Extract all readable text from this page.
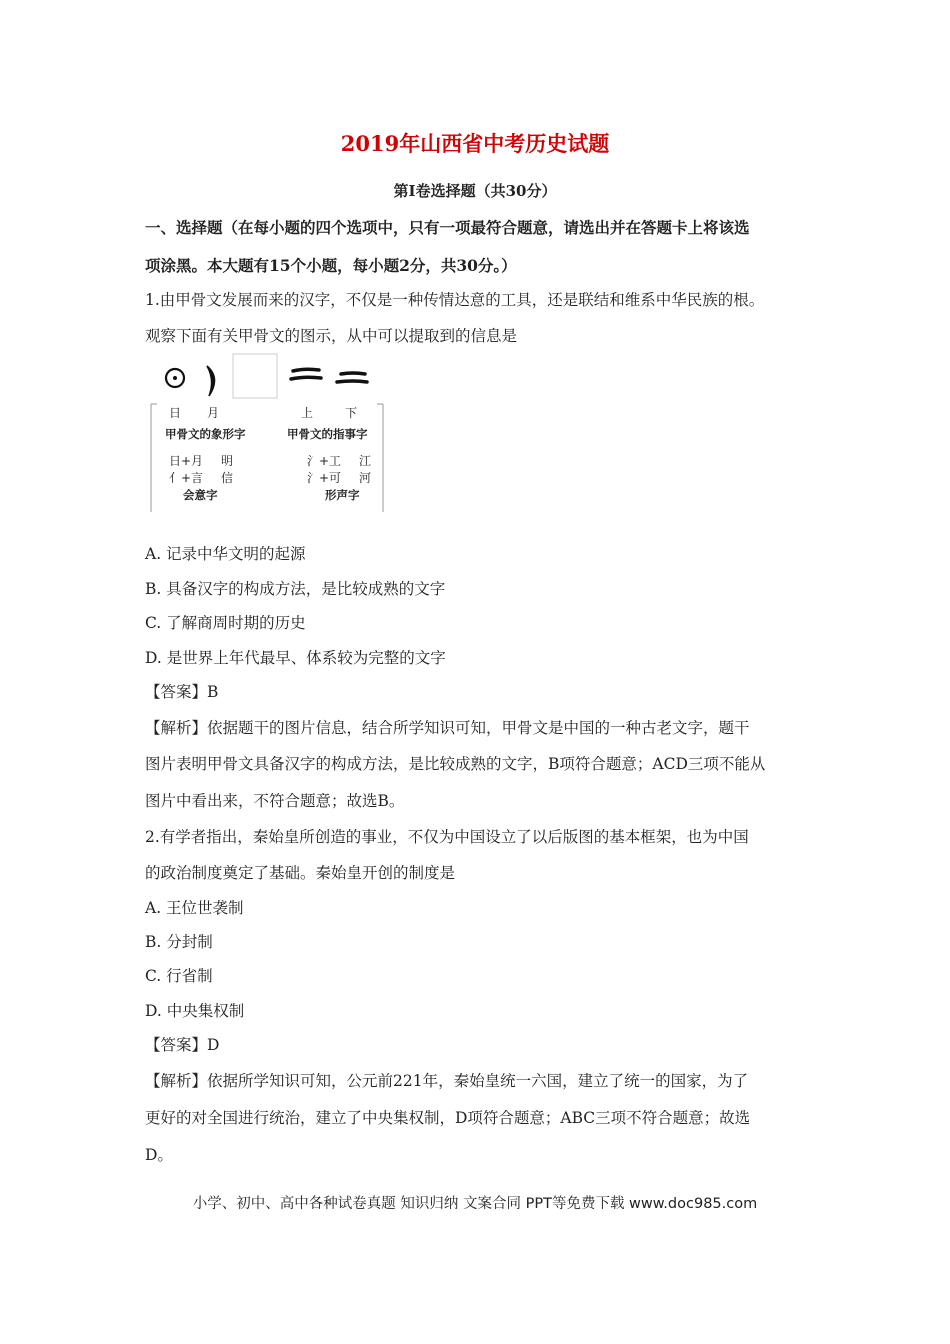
2019年山西省中考历史试题
第I卷选择题（共30分）
一、选择题（在每小题的四个选项中，只有一项最符合题意，请选出并在答题卡上将该选
项涂黑。本大题有15个小题，每小题2分，共30分。）
1.由甲骨文发展而来的汉字，不仅是一种传情达意的工具，还是联结和维系中华民族的根。
观察下面有关甲骨文的图示，从中可以提取到的信息是
日 月	上	下
甲骨文的象形字	甲骨文的指事字
日+月 明
亻+言 信
会意字
氵+工 江
氵+可 河
形声字
A. 记录中华文明的起源
B. 具备汉字的构成方法，是比较成熟的文字
C. 了解商周时期的历史
D. 是世界上年代最早、体系较为完整的文字
【答案】B
【解析】依据题干的图片信息，结合所学知识可知，甲骨文是中国的一种古老文字，题干
图片表明甲骨文具备汉字的构成方法，是比较成熟的文字，B项符合题意；ACD三项不能从
图片中看出来，不符合题意；故选B。
2.有学者指出，秦始皇所创造的事业，不仅为中国设立了以后版图的基本框架，也为中国
的政治制度奠定了基础。秦始皇开创的制度是
A. 王位世袭制
B. 分封制
C. 行省制
D. 中央集权制
【答案】D
【解析】依据所学知识可知，公元前221年，秦始皇统一六国，建立了统一的国家，为了
更好的对全国进行统治，建立了中央集权制，D项符合题意；ABC三项不符合题意；故选
D。
小学、初中、高中各种试卷真题 知识归纳 文案合同 PPT等免费下载 www.doc985.com
